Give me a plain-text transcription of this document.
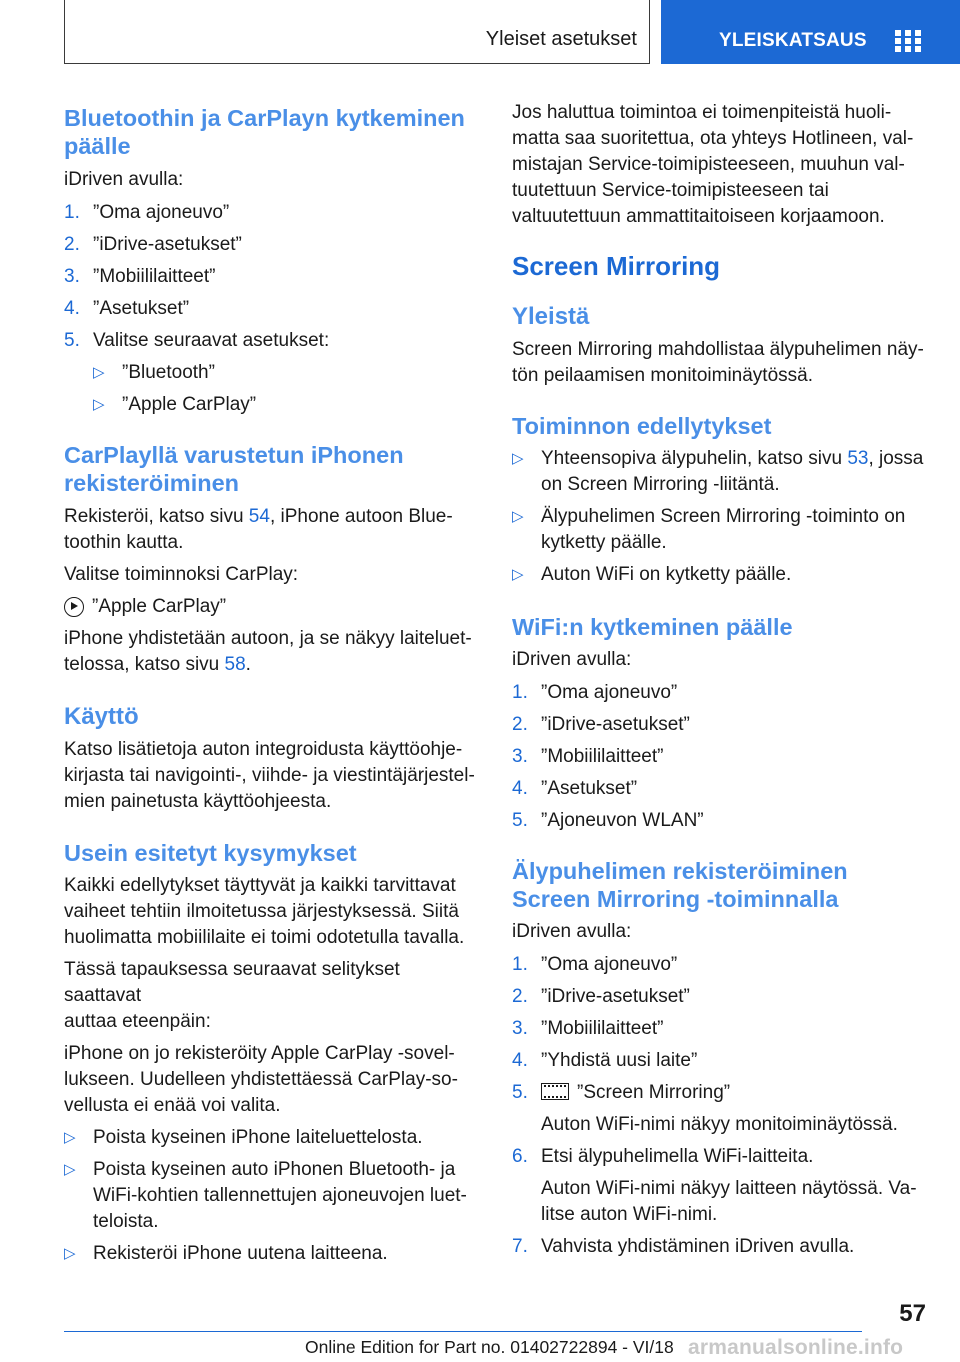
Yleiset asetukset	YLEISKATSAUS
Bluetoothin ja CarPlayn kytkeminen
päälle

iDriven avulla:

1. ”Oma ajoneuvo”
2. ”iDrive-asetukset”
3. ”Mobiililaitteet”
4. ”Asetukset”
5. Valitse seuraavat asetukset:
▷ ”Bluetooth”
▷ ”Apple CarPlay”
CarPlayllä varustetun iPhonen
rekisteröiminen

Rekisteröi, katso sivu 54, iPhone autoon Blue‐
toothin kautta.

Valitse toiminnoksi CarPlay:

”Apple CarPlay”

iPhone yhdistetään autoon, ja se näkyy laiteluet‐
telossa, katso sivu 58.

Käyttö

Katso lisätietoja auton integroidusta käyttöohje‐
kirjasta tai navigointi-, viihde- ja viestintäjärjestel‐
mien painetusta käyttöohjeesta.

Usein esitetyt kysymykset

Kaikki edellytykset täyttyvät ja kaikki tarvittavat
vaiheet tehtiin ilmoitetussa järjestyksessä. Siitä
huolimatta mobiililaite ei toimi odotetulla tavalla.

Tässä tapauksessa seuraavat selitykset saattavat
auttaa eteenpäin:

iPhone on jo rekisteröity Apple CarPlay -sovel‐
lukseen. Uudelleen yhdistettäessä CarPlay-so‐
vellusta ei enää voi valita.

▷ Poista kyseinen iPhone laiteluettelosta.
▷ Poista kyseinen auto iPhonen Bluetooth- ja
WiFi-kohtien tallennettujen ajoneuvojen luet‐
teloista.
▷ Rekisteröi iPhone uutena laitteena.

Jos haluttua toimintoa ei toimenpiteistä huoli‐
matta saa suoritettua, ota yhteys Hotlineen, val‐
mistajan Service-toimipisteeseen, muuhun val‐
tuutettuun Service-toimipisteeseen tai
valtuutettuun ammattitaitoiseen korjaamoon.

Screen Mirroring
Yleistä

Screen Mirroring mahdollistaa älypuhelimen näy‐
tön peilaamisen monitoiminäytössä.

Toiminnon edellytykset
▷ Yhteensopiva älypuhelin, katso sivu 53, jossa
on Screen Mirroring -liitäntä.
▷ Älypuhelimen Screen Mirroring -toiminto on
kytketty päälle.
▷ Auton WiFi on kytketty päälle.
WiFi:n kytkeminen päälle

iDriven avulla:

1. ”Oma ajoneuvo”
2. ”iDrive-asetukset”
3. ”Mobiililaitteet”
4. ”Asetukset”
5. ”Ajoneuvon WLAN”
Älypuhelimen rekisteröiminen
Screen Mirroring -toiminnalla

iDriven avulla:

1. ”Oma ajoneuvo”
2. ”iDrive-asetukset”
3. ”Mobiililaitteet”
4. ”Yhdistä uusi laite”
5.	”Screen Mirroring”
Auton WiFi-nimi näkyy monitoiminäytössä.
6. Etsi älypuhelimella WiFi-laitteita.
Auton WiFi-nimi näkyy laitteen näytössä. Va‐
litse auton WiFi-nimi.
7. Vahvista yhdistäminen iDriven avulla.
57
Online Edition for Part no. 01402722894 - VI/18 armanualsonline.info
